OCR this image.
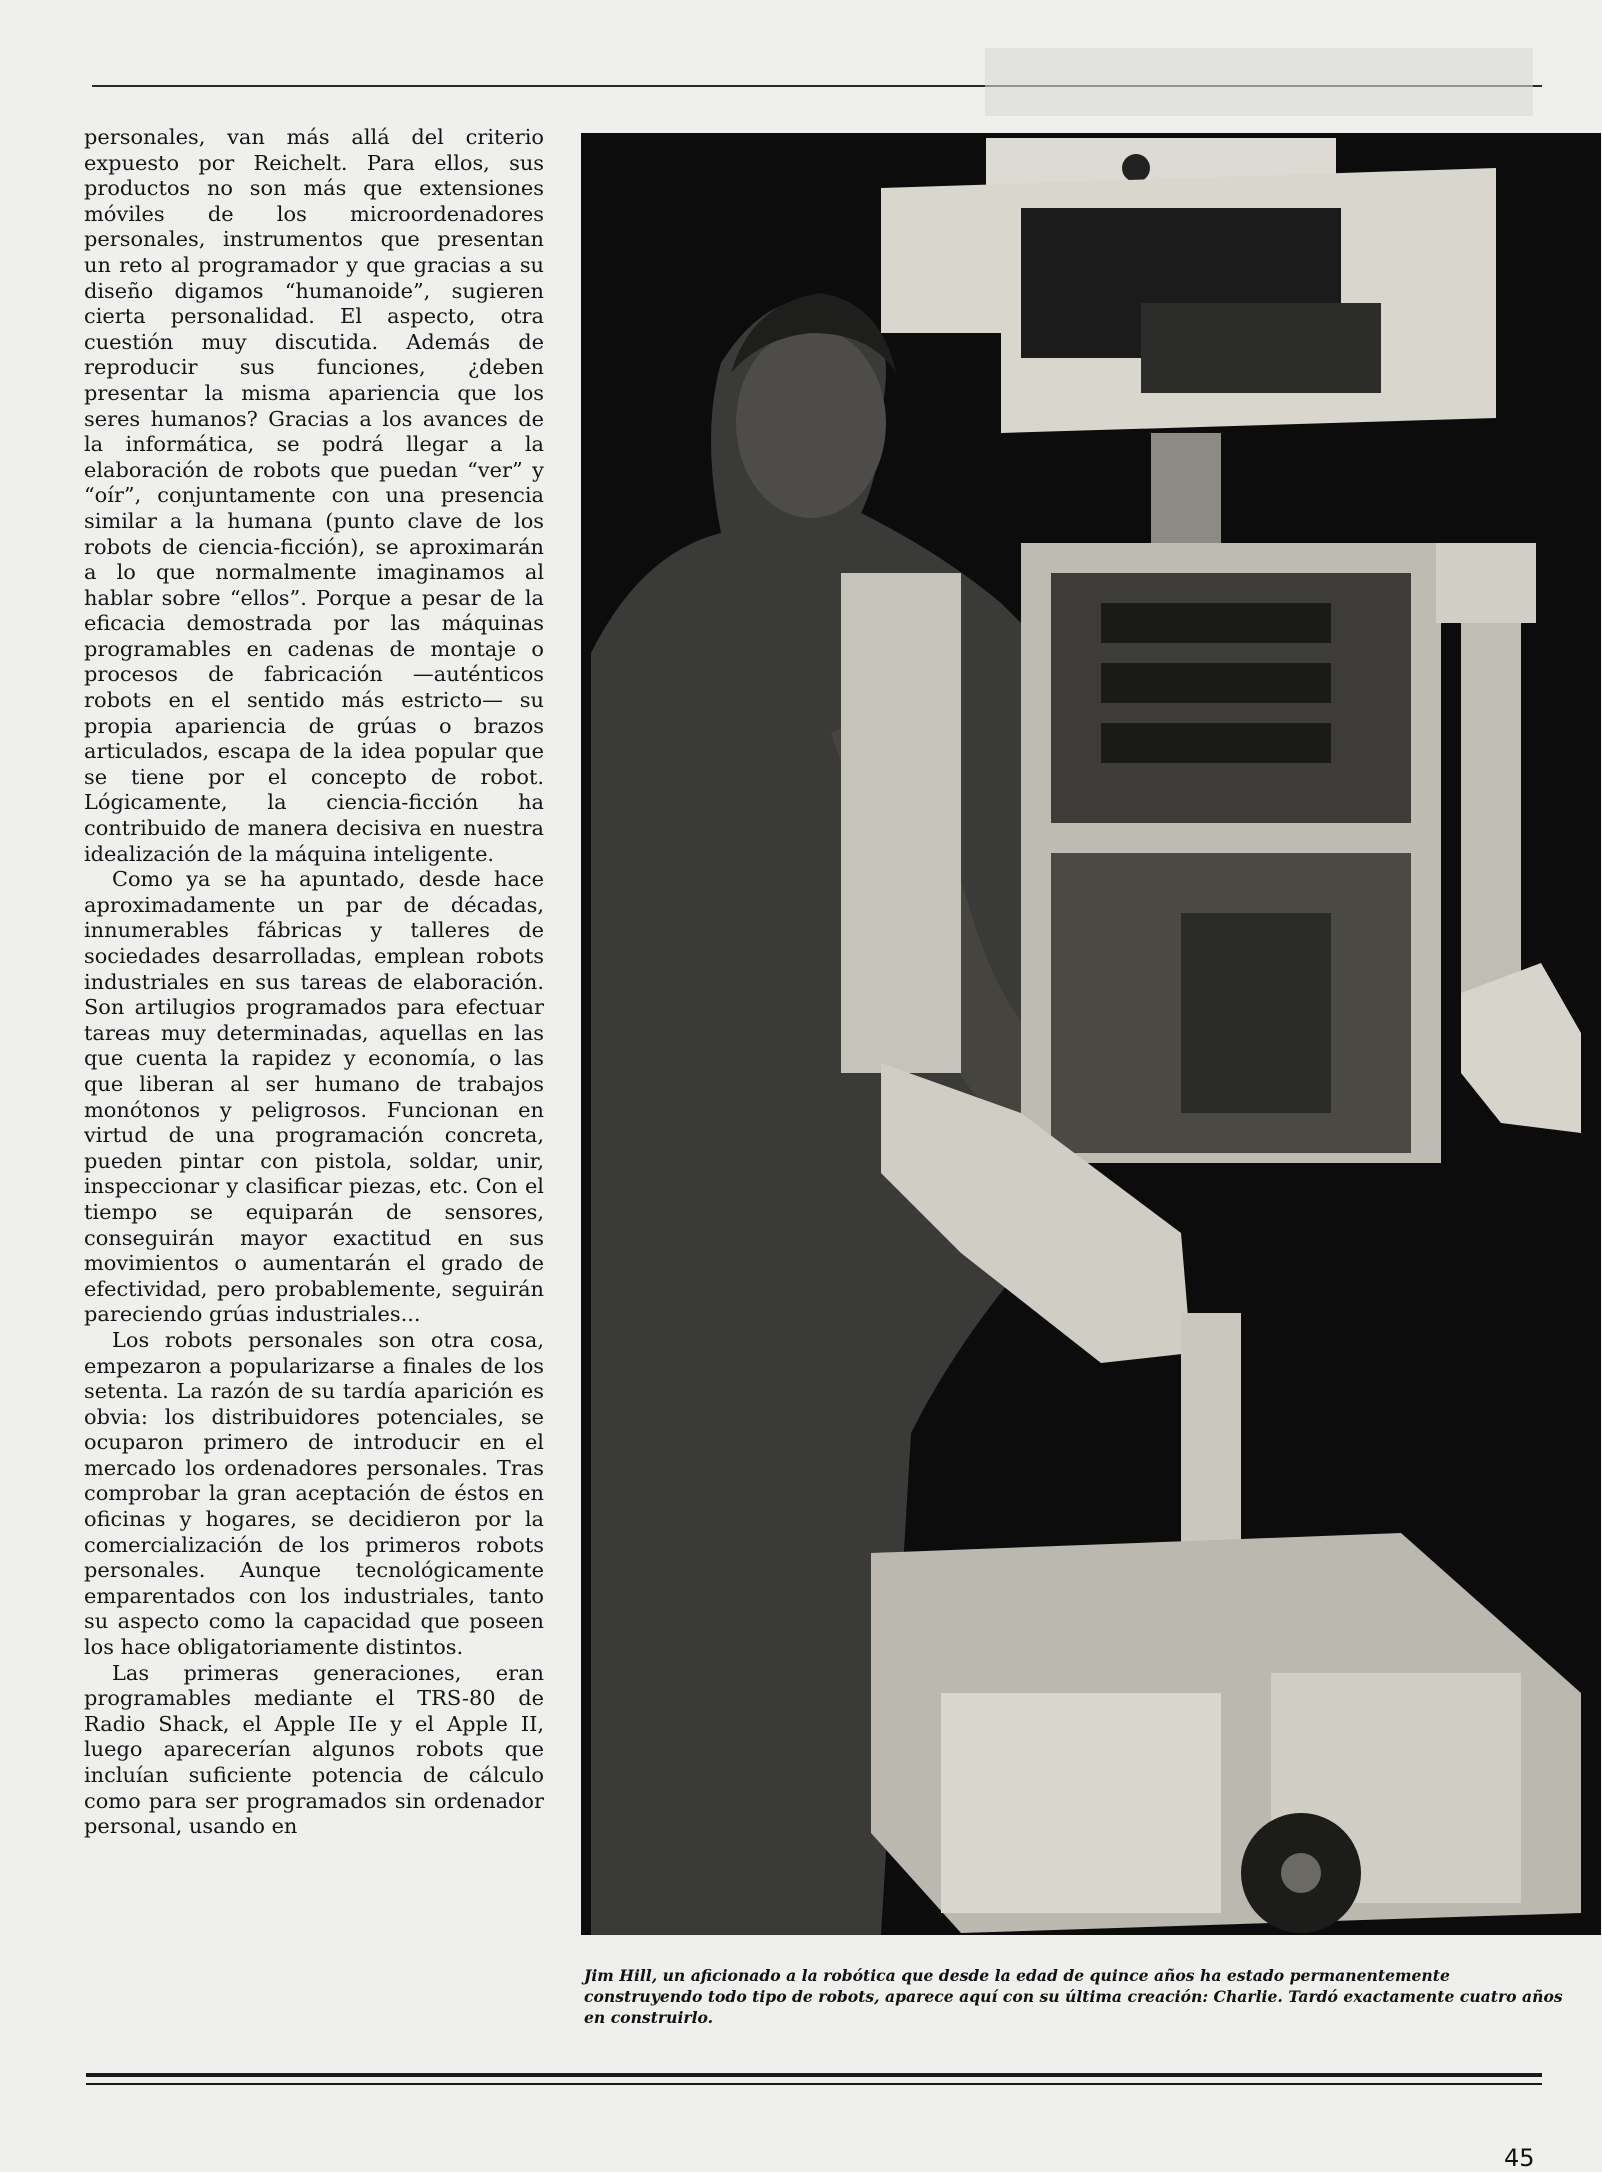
personales, van más allá del criterio expuesto por Reichelt. Para ellos, sus productos no son más que extensiones móviles de los microordenadores personales, instrumentos que presentan un reto al programador y que gracias a su diseño digamos “humanoide”, sugieren cierta personalidad. El aspecto, otra cuestión muy discutida. Además de reproducir sus funciones, ¿deben presentar la misma apariencia que los seres humanos? Gracias a los avances de la informática, se podrá llegar a la elaboración de robots que puedan “ver” y “oír”, conjuntamente con una presencia similar a la humana (punto clave de los robots de ciencia-ficción), se aproximarán a lo que normalmente imaginamos al hablar sobre “ellos”. Porque a pesar de la eficacia demostrada por las máquinas programables en cadenas de montaje o procesos de fabricación —auténticos robots en el sentido más estricto— su propia apariencia de grúas o brazos articulados, escapa de la idea popular que se tiene por el concepto de robot. Lógicamente, la ciencia-ficción ha contribuido de manera decisiva en nuestra idealización de la máquina inteligente.

Como ya se ha apuntado, desde hace aproximadamente un par de décadas, innumerables fábricas y talleres de sociedades desarrolladas, emplean robots industriales en sus tareas de elaboración. Son artilugios programados para efectuar tareas muy determinadas, aquellas en las que cuenta la rapidez y economía, o las que liberan al ser humano de trabajos monótonos y peligrosos. Funcionan en virtud de una programación concreta, pueden pintar con pistola, soldar, unir, inspeccionar y clasificar piezas, etc. Con el tiempo se equiparán de sensores, conseguirán mayor exactitud en sus movimientos o aumentarán el grado de efectividad, pero probablemente, seguirán pareciendo grúas industriales...

Los robots personales son otra cosa, empezaron a popularizarse a finales de los setenta. La razón de su tardía aparición es obvia: los distribuidores potenciales, se ocuparon primero de introducir en el mercado los ordenadores personales. Tras comprobar la gran aceptación de éstos en oficinas y hogares, se decidieron por la comercialización de los primeros robots personales. Aunque tecnológicamente emparentados con los industriales, tanto su aspecto como la capacidad que poseen los hace obligatoriamente distintos.

Las primeras generaciones, eran programables mediante el TRS-80 de Radio Shack, el Apple IIe y el Apple II, luego aparecerían algunos robots que incluían suficiente potencia de cálculo como para ser programados sin ordenador personal, usando en

Jim Hill, un aficionado a la robótica que desde la edad de quince años ha estado permanentemente construyendo todo tipo de robots, aparece aquí con su última creación: Charlie. Tardó exactamente cuatro años en construirlo.
45
